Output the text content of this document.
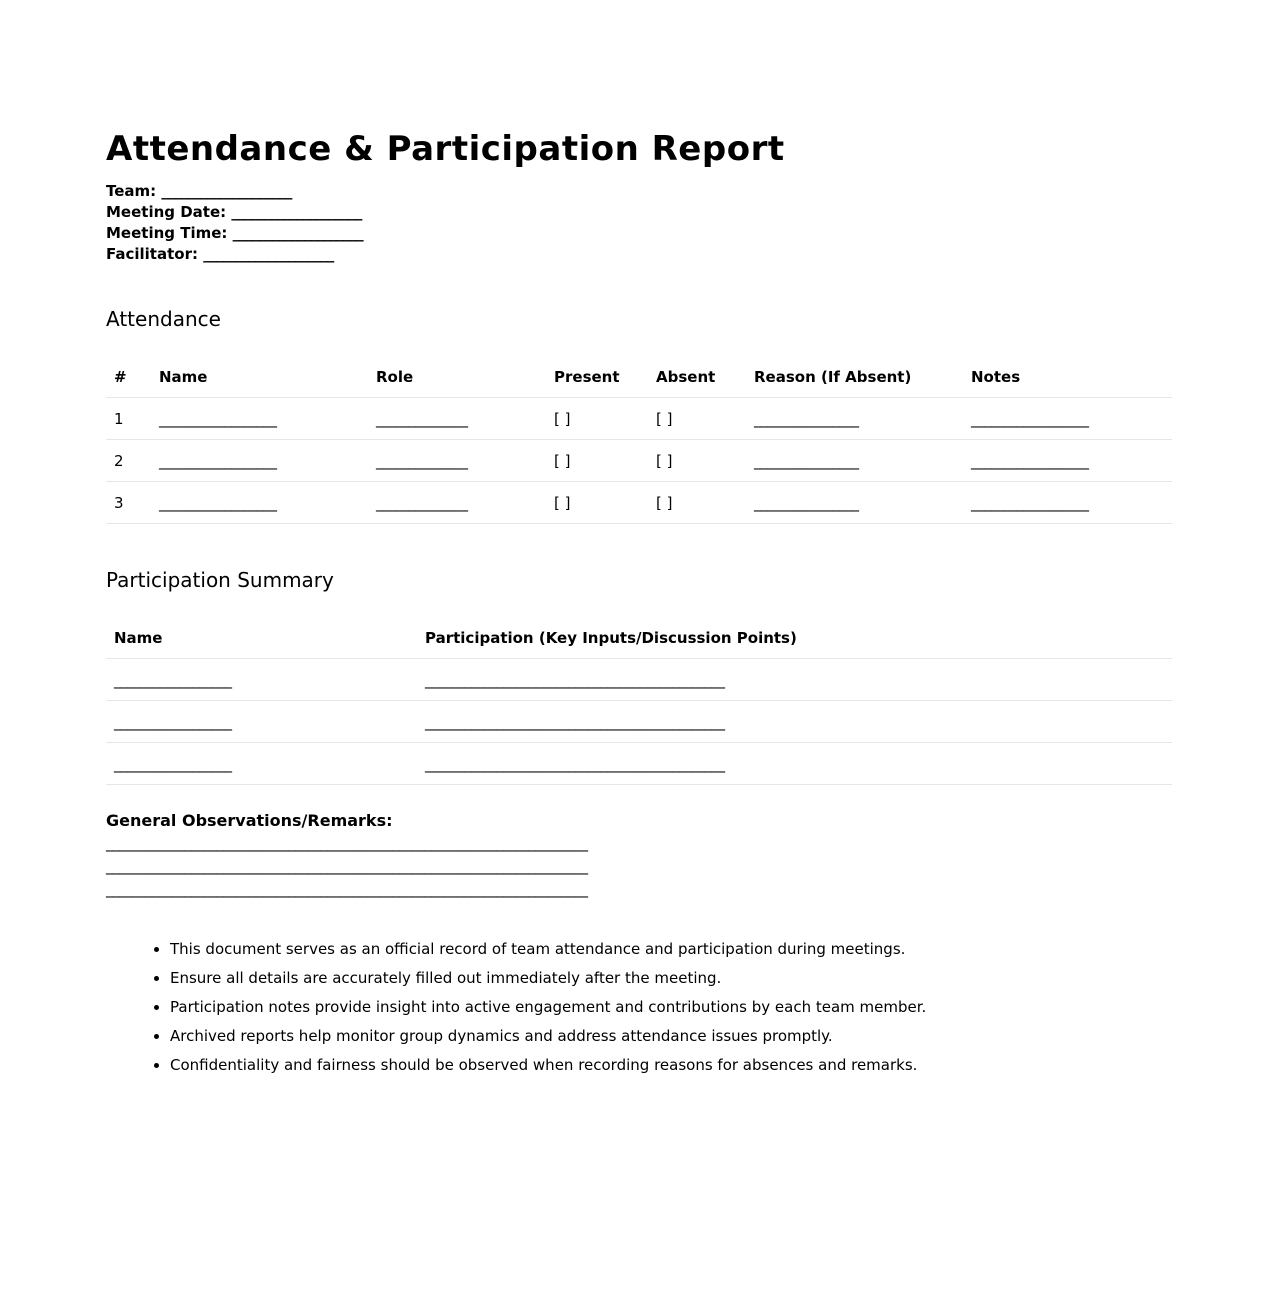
Attendance & Participation Report
Team: ____________________
Meeting Date: ____________________
Meeting Time: ____________________
Facilitator: ____________________
Attendance
#	Name	Role	Present	Absent	Reason (If Absent)	Notes
1	__________________	______________	[ ]	[ ]	________________	__________________
2	__________________	______________	[ ]	[ ]	________________	__________________
3	__________________	______________	[ ]	[ ]	________________	__________________
Participation Summary
Name	Participation (Key Inputs/Discussion Points)
__________________	______________________________________________
__________________	______________________________________________
__________________	______________________________________________
General Observations/Remarks:
__________________________________________________________________________
__________________________________________________________________________
__________________________________________________________________________
• This document serves as an official record of team attendance and participation during meetings.
• Ensure all details are accurately filled out immediately after the meeting.
• Participation notes provide insight into active engagement and contributions by each team member.
• Archived reports help monitor group dynamics and address attendance issues promptly.
• Confidentiality and fairness should be observed when recording reasons for absences and remarks.
